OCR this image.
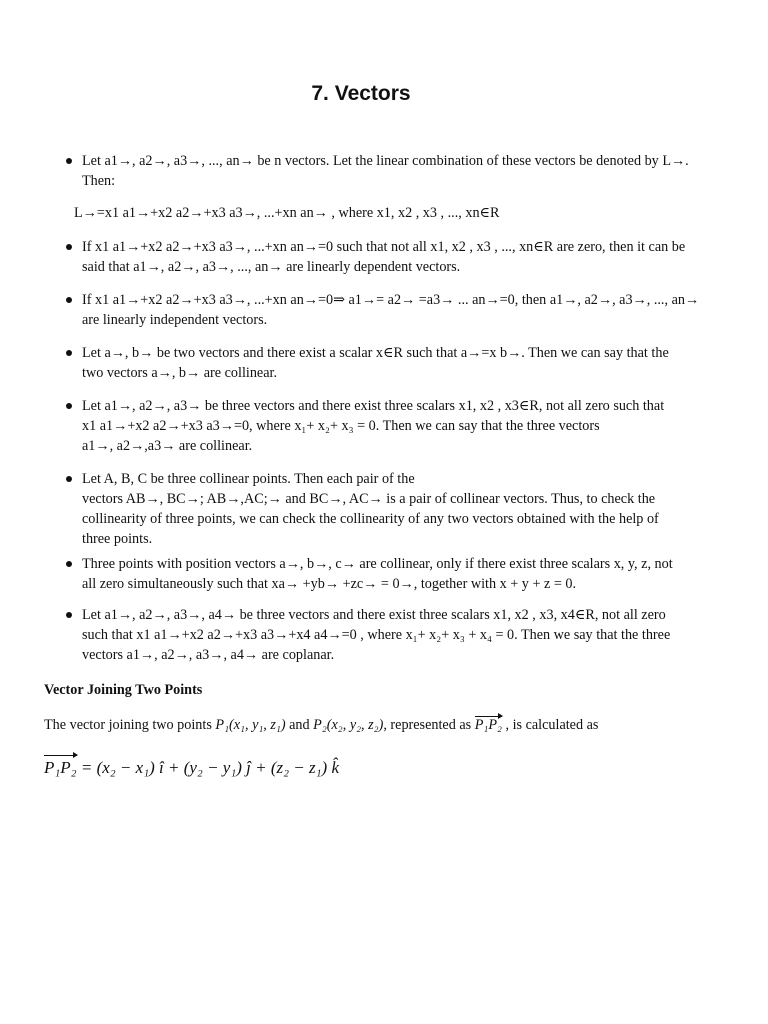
7. Vectors
Let a1→, a2→, a3→, ..., an→ be n vectors. Let the linear combination of these vectors be denoted by L→.
Then:
L→=x1 a1→+x2 a2→+x3 a3→, ...+xn an→ , where x1, x2 , x3 , ..., xn∈R
If x1 a1→+x2 a2→+x3 a3→, ...+xn an→=0 such that not all x1, x2 , x3 , ..., xn∈R are zero, then it can be
said that a1→, a2→, a3→, ..., an→ are linearly dependent vectors.
If x1 a1→+x2 a2→+x3 a3→, ...+xn an→=0⇒ a1→= a2→ =a3→ ... an→=0, then a1→, a2→, a3→, ..., an→
are linearly independent vectors.
Let a→, b→ be two vectors and there exist a scalar x∈R such that a→=x b→. Then we can say that the
two vectors a→, b→ are collinear.
Let a1→, a2→, a3→ be three vectors and there exist three scalars x1, x2 , x3∈R, not all zero such that
x1 a1→+x2 a2→+x3 a3→=0, where x₁+ x₂+ x₃ = 0. Then we can say that the three vectors
a1→, a2→,a3→ are collinear.
Let A, B, C be three collinear points. Then each pair of the
vectors AB→, BC→; AB→,AC;→ and BC→, AC→ is a pair of collinear vectors. Thus, to check the
collinearity of three points, we can check the collinearity of any two vectors obtained with the help of
three points.
Three points with position vectors a→, b→, c→ are collinear, only if there exist three scalars x, y, z, not
all zero simultaneously such that xa→ +yb→ +zc→ = 0→, together with x + y + z = 0.
Let a1→, a2→, a3→, a4→ be three vectors and there exist three scalars x1, x2 , x3, x4∈R, not all zero
such that x1 a1→+x2 a2→+x3 a3→+x4 a4→=0 , where x₁+ x₂+ x₃ + x₄ = 0. Then we say that the three
vectors a1→, a2→, a3→, a4→ are coplanar.
Vector Joining Two Points
The vector joining two points P₁(x₁, y₁, z₁) and P₂(x₂, y₂, z₂), represented as P₁P₂ , is calculated as
P₁P₂ = (x₂ − x₁) î + (y₂ − y₁) ĵ + (z₂ − z₁) k̂
